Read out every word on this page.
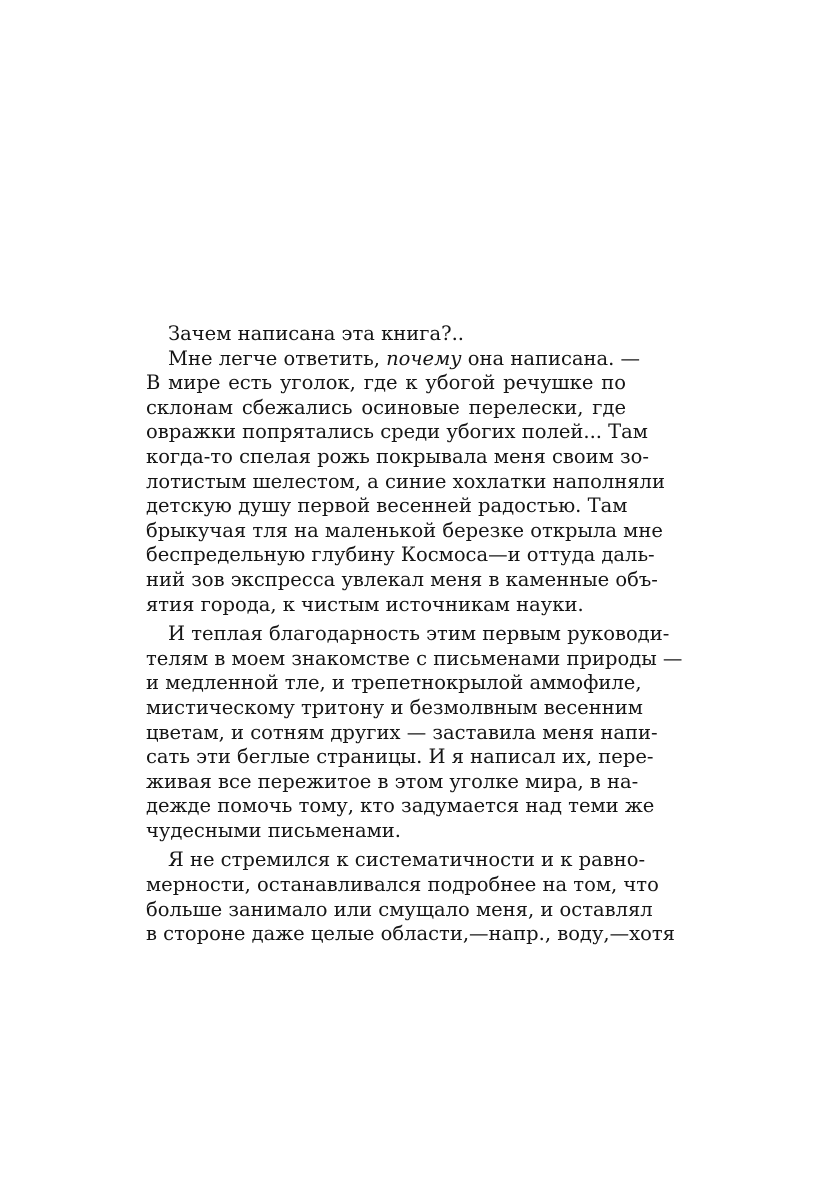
Зачем написана эта книга?..
Мне легче ответить, почему она написана. —
В мире есть уголок, где к убогой речушке по
склонам сбежались осиновые перелески, где
овражки попрятались среди убогих полей... Там
когда-то спелая рожь покрывала меня своим зо-
лотистым шелестом, а синие хохлатки наполняли
детскую душу первой весенней радостью. Там
брыкучая тля на маленькой березке открыла мне
беспредельную глубину Космоса—и оттуда даль-
ний зов экспресса увлекал меня в каменные объ-
ятия города, к чистым источникам науки.
И теплая благодарность этим первым руководи-
телям в моем знакомстве с письменами природы —
и медленной тле, и трепетнокрылой аммофиле,
мистическому тритону и безмолвным весенним
цветам, и сотням других — заставила меня напи-
сать эти беглые страницы. И я написал их, пере-
живая все пережитое в этом уголке мира, в на-
дежде помочь тому, кто задумается над теми же
чудесными письменами.
Я не стремился к систематичности и к равно-
мерности, останавливался подробнее на том, что
больше занимало или смущало меня, и оставлял
в стороне даже целые области,—напр., воду,—хотя
